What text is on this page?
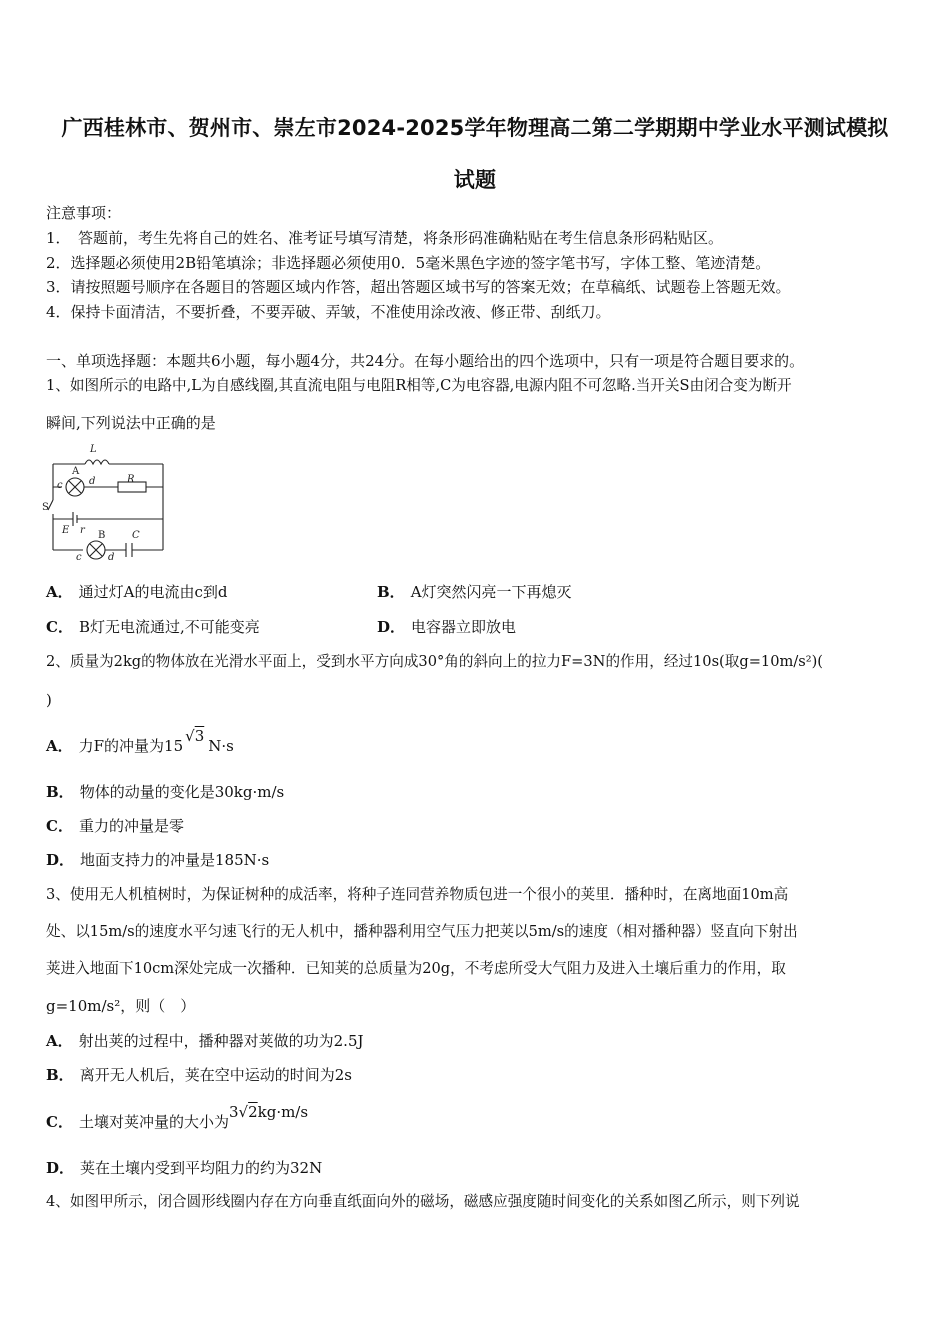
广西桂林市、贺州市、崇左市2024-2025学年物理高二第二学期期中学业水平测试模拟
试题
注意事项：
1．　答题前，考生先将自己的姓名、准考证号填写清楚，将条形码准确粘贴在考生信息条形码粘贴区。
2．选择题必须使用2B铅笔填涂；非选择题必须使用0．5毫米黑色字迹的签字笔书写，字体工整、笔迹清楚。
3．请按照题号顺序在各题目的答题区域内作答，超出答题区域书写的答案无效；在草稿纸、试题卷上答题无效。
4．保持卡面清洁，不要折叠，不要弄破、弄皱，不准使用涂改液、修正带、刮纸刀。
一、单项选择题：本题共6小题，每小题4分，共24分。在每小题给出的四个选项中，只有一项是符合题目要求的。
1、如图所示的电路中,L为自感线圈,其直流电阻与电阻R相等,C为电容器,电源内阻不可忽略.当开关S由闭合变为断开
瞬间,下列说法中正确的是
L
A
c	d	R
S
E r B	C
c	d
A． 通过灯A的电流由c到d	B． A灯突然闪亮一下再熄灭
C． B灯无电流通过,不可能变亮	D． 电容器立即放电
2、质量为2kg的物体放在光滑水平面上，受到水平方向成30°角的斜向上的拉力F=3N的作用，经过10s(取g=10m/s²)(
)
A． 力F的冲量为15√3N·s
B． 物体的动量的变化是30kg·m/s
C． 重力的冲量是零
D． 地面支持力的冲量是185N·s
3、使用无人机植树时，为保证树种的成活率，将种子连同营养物质包进一个很小的荚里．播种时，在离地面10m高
处、以15m/s的速度水平匀速飞行的无人机中，播种器利用空气压力把荚以5m/s的速度（相对播种器）竖直向下射出
荚进入地面下10cm深处完成一次播种．已知荚的总质量为20g，不考虑所受大气阻力及进入土壤后重力的作用，取
g=10m/s²，则（　）
A． 射出荚的过程中，播种器对荚做的功为2.5J
B． 离开无人机后，荚在空中运动的时间为2s
C． 土壤对荚冲量的大小为3√2kg·m/s
D． 荚在土壤内受到平均阻力的约为32N
4、如图甲所示，闭合圆形线圈内存在方向垂直纸面向外的磁场，磁感应强度随时间变化的关系如图乙所示，则下列说
